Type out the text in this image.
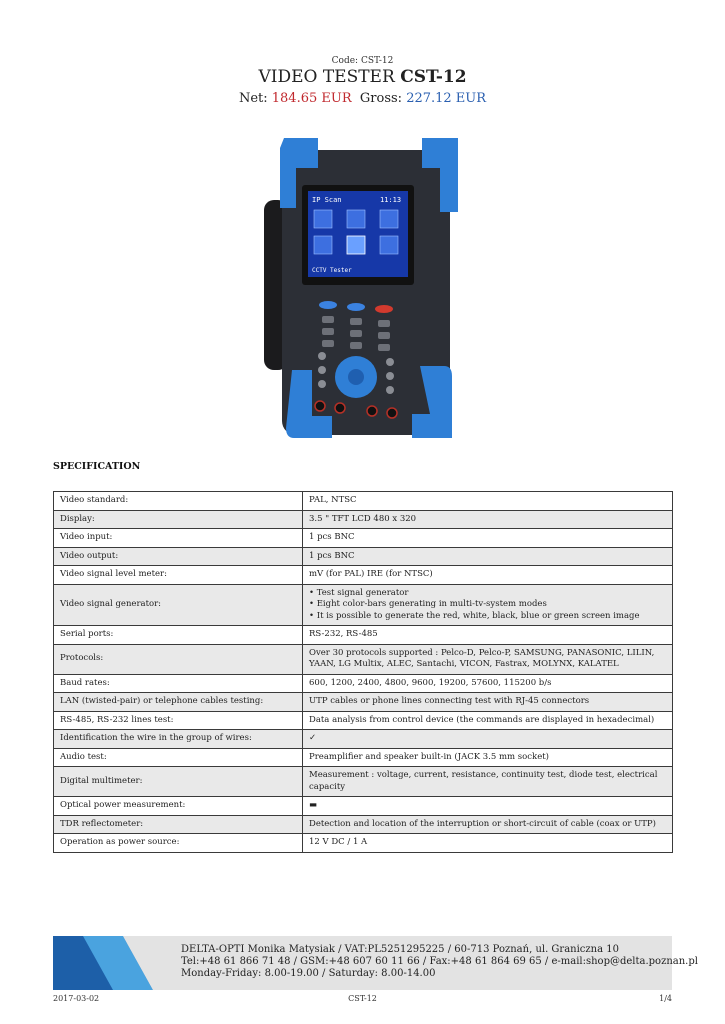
Code: CST-12
VIDEO TESTER CST-12
Net: 184.65 EUR Gross: 227.12 EUR
IP Scan	11:13
CCTV Tester
SPECIFICATION
Video standard:	PAL, NTSC
Display:	3.5 " TFT LCD 480 x 320
Video input:	1 pcs BNC
Video output:	1 pcs BNC
Video signal level meter:	mV (for PAL) IRE (for NTSC)
Video signal generator:	• Test signal generator
• Eight color-bars generating in multi-tv-system modes
• It is possible to generate the red, white, black, blue or green screen image

Serial ports:	RS-232, RS-485
Protocols:	Over 30 protocols supported : Pelco-D, Pelco-P, SAMSUNG, PANASONIC, LILIN, YAAN, LG Multix, ALEC, Santachi, VICON, Fastrax, MOLYNX, KALATEL
Baud rates:	600, 1200, 2400, 4800, 9600, 19200, 57600, 115200 b/s
LAN (twisted-pair) or telephone cables testing:	UTP cables or phone lines connecting test with RJ-45 connectors
RS-485, RS-232 lines test:	Data analysis from control device (the commands are displayed in hexadecimal)
Identification the wire in the group of wires:	✓
Audio test:	Preamplifier and speaker built-in (JACK 3.5 mm socket)
Digital multimeter:	Measurement : voltage, current, resistance, continuity test, diode test, electrical capacity
Optical power measurement:	▬
TDR reflectometer:	Detection and location of the interruption or short-circuit of cable (coax or UTP)
Operation as power source:	12 V DC / 1 A
DELTA-OPTI Monika Matysiak / VAT:PL5251295225 / 60-713 Poznań, ul. Graniczna 10
Tel:+48 61 866 71 48 / GSM:+48 607 60 11 66 / Fax:+48 61 864 69 65 / e-mail:shop@delta.poznan.pl
Monday-Friday: 8.00-19.00 / Saturday: 8.00-14.00
2017-03-02	CST-12	1/4
